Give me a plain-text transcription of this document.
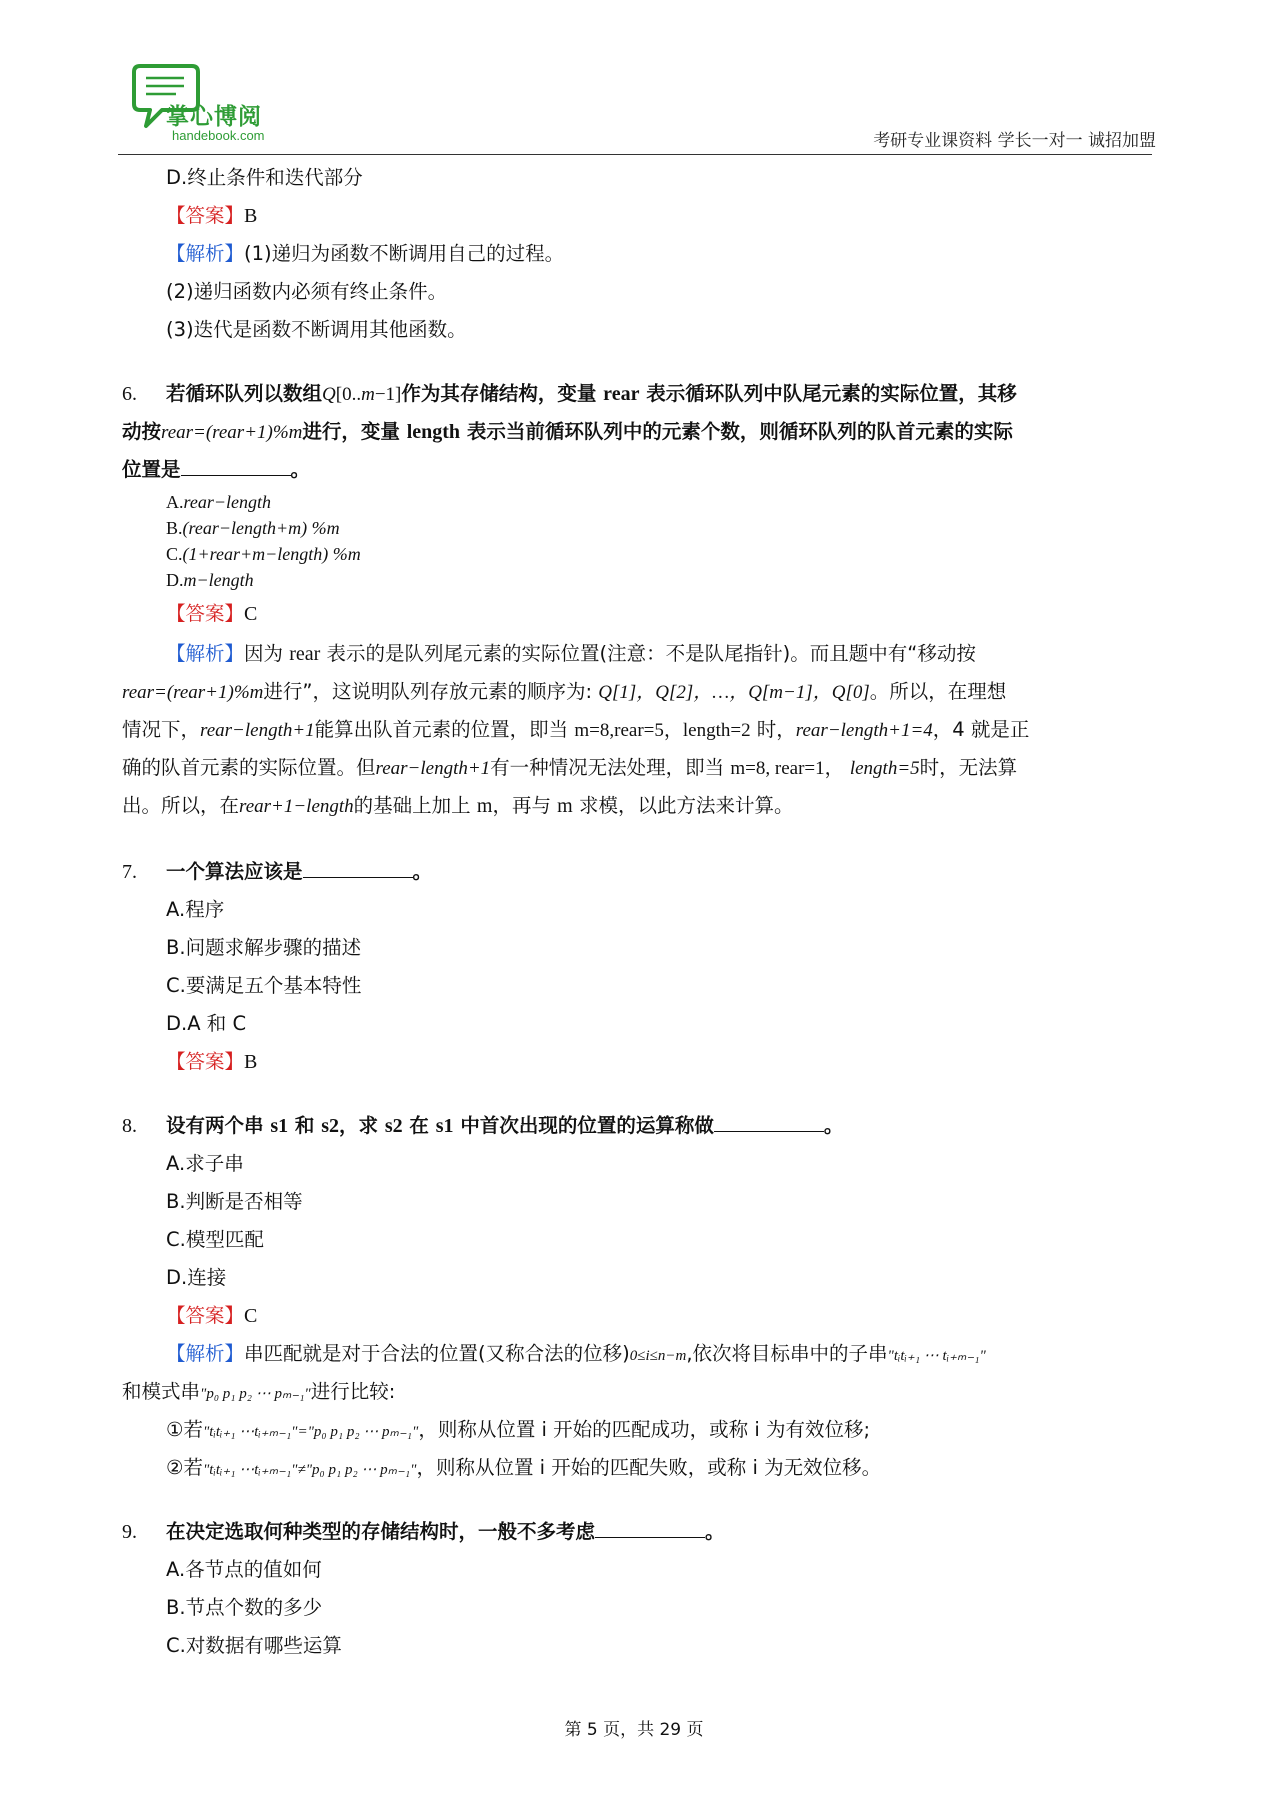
掌心博阅
handebook.com	考研专业课资料 学长一对一 诚招加盟
D.终止条件和迭代部分
【答案】B
【解析】(1)递归为函数不断调用自己的过程。
(2)递归函数内必须有终止条件。
(3)迭代是函数不断调用其他函数。
6. 若循环队列以数组Q[0..m−1]作为其存储结构，变量 rear 表示循环队列中队尾元素的实际位置，其移
动按rear=(rear+1)%m进行，变量 length 表示当前循环队列中的元素个数，则循环队列的队首元素的实际
位置是	。
A.rear−length
B.(rear−length+m) %m
C.(1+rear+m−length) %m
D.m−length
【答案】C
【解析】因为 rear 表示的是队列尾元素的实际位置(注意：不是队尾指针)。而且题中有“移动按
rear=(rear+1)%m进行”，这说明队列存放元素的顺序为: Q[1]，Q[2]，…，Q[m−1]，Q[0]。所以，在理想
情况下，rear−length+1能算出队首元素的位置，即当 m=8,rear=5，length=2 时，rear−length+1=4，4 就是正
确的队首元素的实际位置。但rear−length+1有一种情况无法处理，即当 m=8, rear=1， length=5时，无法算
出。所以，在rear+1−length的基础上加上 m，再与 m 求模，以此方法来计算。
7. 一个算法应该是	。
A.程序
B.问题求解步骤的描述
C.要满足五个基本特性
D.A 和 C
【答案】B
8. 设有两个串 s1 和 s2，求 s2 在 s1 中首次出现的位置的运算称做	。
A.求子串
B.判断是否相等
C.模型匹配
D.连接
【答案】C
【解析】串匹配就是对于合法的位置(又称合法的位移)0≤i≤n−m,依次将目标串中的子串"tᵢtᵢ₊₁ ⋯ tᵢ₊ₘ₋₁"
和模式串"p₀ p₁ p₂ ⋯ pₘ₋₁"进行比较:
①若"tᵢtᵢ₊₁ ⋯tᵢ₊ₘ₋₁"="p₀ p₁ p₂ ⋯ pₘ₋₁"，则称从位置 i 开始的匹配成功，或称 i 为有效位移;
②若"tᵢtᵢ₊₁ ⋯tᵢ₊ₘ₋₁"≠"p₀ p₁ p₂ ⋯ pₘ₋₁"，则称从位置 i 开始的匹配失败，或称 i 为无效位移。
9. 在决定选取何种类型的存储结构时，一般不多考虑	。
A.各节点的值如何
B.节点个数的多少
C.对数据有哪些运算
第 5 页，共 29 页
